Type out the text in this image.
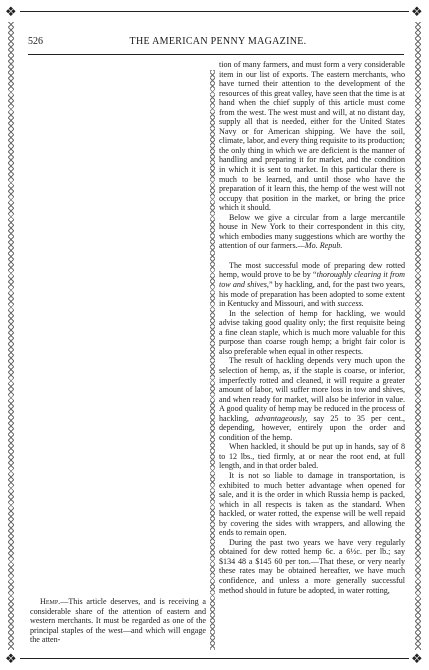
❖	❖
❖	❖
526	THE AMERICAN PENNY MAGAZINE.

Hemp.—This article deserves, and is receiving a considerable share of the attention of eastern and western merchants. It must be regarded as one of the principal staples of the west—and which will engage the atten-

tion of many farmers, and must form a very considerable item in our list of exports. The eastern merchants, who have turned their attention to the development of the resources of this great valley, have seen that the time is at hand when the chief supply of this article must come from the west. The west must and will, at no distant day, supply all that is needed, either for the United States Navy or for American shipping. We have the soil, climate, labor, and every thing requisite to its production; the only thing in which we are deficient is the manner of handling and preparing it for market, and the condition in which it is sent to market. In this particular there is much to be learned, and until those who have the preparation of it learn this, the hemp of the west will not occupy that position in the market, or bring the price which it should.

Below we give a circular from a large mercantile house in New York to their correspondent in this city, which embodies many suggestions which are worthy the attention of our farmers.—Mo. Repub.

The most successful mode of preparing dew rotted hemp, would prove to be by “thoroughly clearing it from tow and shives,” by hackling, and, for the past two years, his mode of preparation has been adopted to some extent in Kentucky and Missouri, and with success.

In the selection of hemp for hackling, we would advise taking good quality only; the first requisite being a fine clean staple, which is much more valuable for this purpose than coarse rough hemp; a bright fair color is also preferable when equal in other respects.

The result of hackling depends very much upon the selection of hemp, as, if the staple is coarse, or inferior, imperfectly rotted and cleaned, it will require a greater amount of labor, will suffer more loss in tow and shives, and when ready for market, will also be inferior in value. A good quality of hemp may be reduced in the process of hackling, advantageously, say 25 to 35 per cent., depending, however, entirely upon the order and condition of the hemp.

When hackled, it should be put up in hands, say of 8 to 12 lbs., tied firmly, at or near the root end, at full length, and in that order baled.

It is not so liable to damage in transportation, is exhibited to much better advantage when opened for sale, and it is the order in which Russia hemp is packed, which in all respects is taken as the standard. When hackled, or water rotted, the expense will be well repaid by covering the sides with wrappers, and allowing the ends to remain open.

During the past two years we have very regularly obtained for dew rotted hemp 6c. a 6½c. per lb.; say $134 48 a $145 60 per ton.—That these, or very nearly these rates may be obtained hereafter, we have much confidence, and unless a more generally successful method should in future be adopted, in water rotting,
